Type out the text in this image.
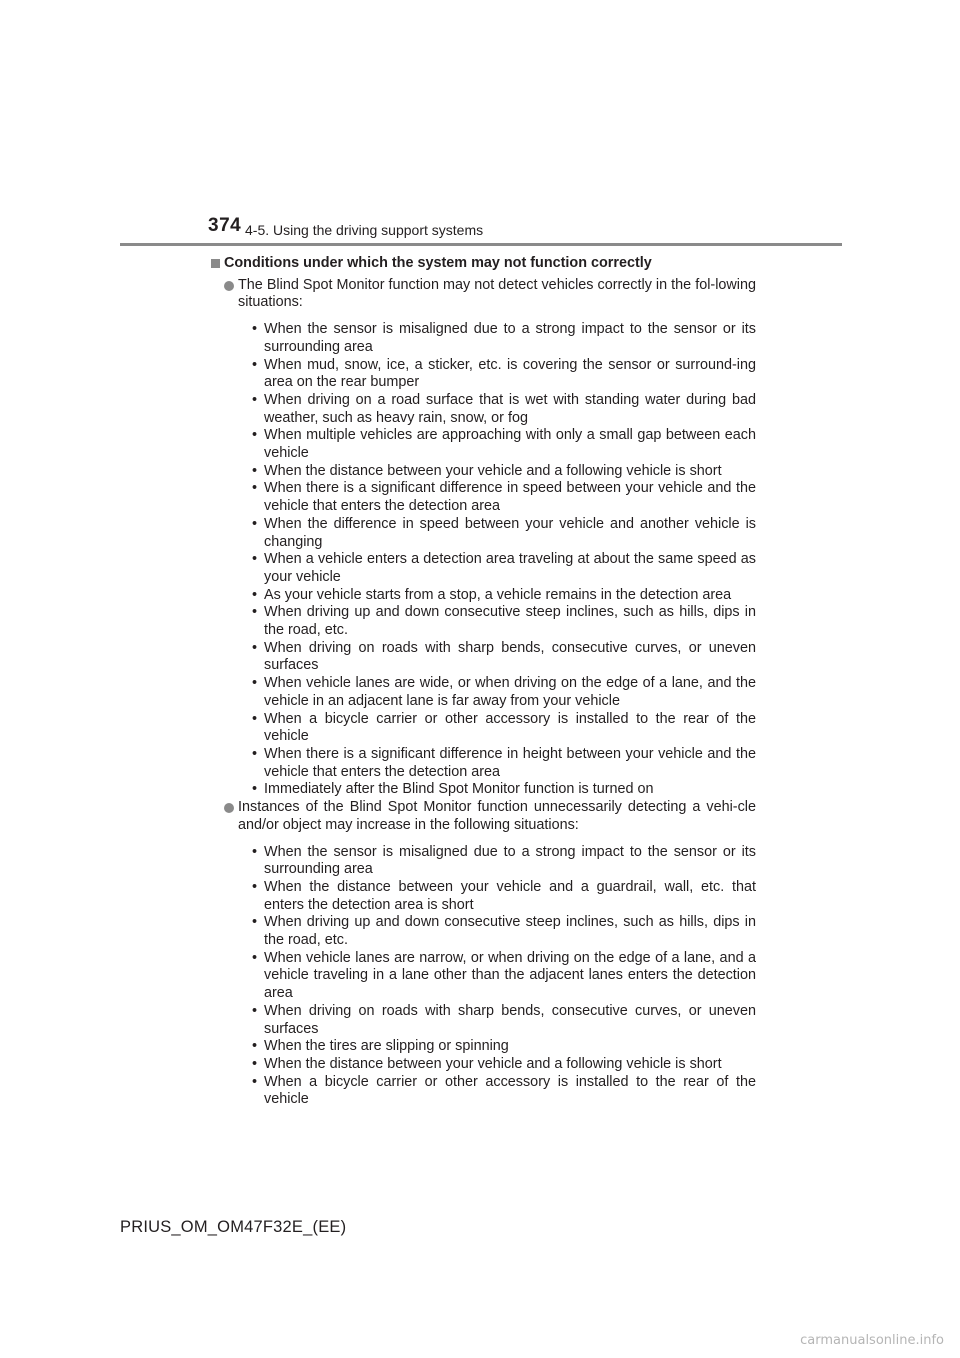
374 4-5. Using the driving support systems
Conditions under which the system may not function correctly
The Blind Spot Monitor function may not detect vehicles correctly in the fol-lowing situations:
• When the sensor is misaligned due to a strong impact to the sensor or its surrounding area
• When mud, snow, ice, a sticker, etc. is covering the sensor or surround-ing area on the rear bumper
• When driving on a road surface that is wet with standing water during bad weather, such as heavy rain, snow, or fog
• When multiple vehicles are approaching with only a small gap between each vehicle
• When the distance between your vehicle and a following vehicle is short
• When there is a significant difference in speed between your vehicle and the vehicle that enters the detection area
• When the difference in speed between your vehicle and another vehicle is changing
• When a vehicle enters a detection area traveling at about the same speed as your vehicle
• As your vehicle starts from a stop, a vehicle remains in the detection area
• When driving up and down consecutive steep inclines, such as hills, dips in the road, etc.
• When driving on roads with sharp bends, consecutive curves, or uneven surfaces
• When vehicle lanes are wide, or when driving on the edge of a lane, and the vehicle in an adjacent lane is far away from your vehicle
• When a bicycle carrier or other accessory is installed to the rear of the vehicle
• When there is a significant difference in height between your vehicle and the vehicle that enters the detection area
• Immediately after the Blind Spot Monitor function is turned on
Instances of the Blind Spot Monitor function unnecessarily detecting a vehi-cle and/or object may increase in the following situations:
• When the sensor is misaligned due to a strong impact to the sensor or its surrounding area
• When the distance between your vehicle and a guardrail, wall, etc. that enters the detection area is short
• When driving up and down consecutive steep inclines, such as hills, dips in the road, etc.
• When vehicle lanes are narrow, or when driving on the edge of a lane, and a vehicle traveling in a lane other than the adjacent lanes enters the detection area
• When driving on roads with sharp bends, consecutive curves, or uneven surfaces
• When the tires are slipping or spinning
• When the distance between your vehicle and a following vehicle is short
• When a bicycle carrier or other accessory is installed to the rear of the vehicle
PRIUS_OM_OM47F32E_(EE)
carmanualsonline.info
